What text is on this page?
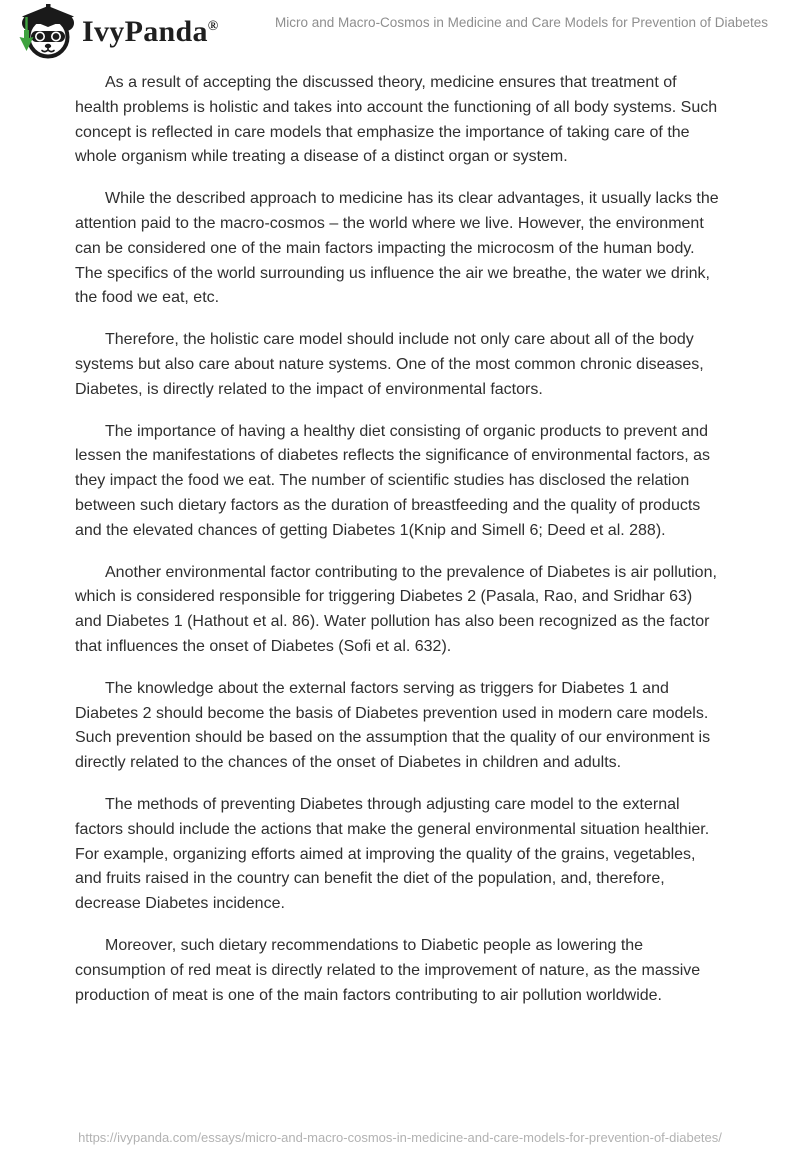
IvyPanda®	Micro and Macro-Cosmos in Medicine and Care Models for Prevention of Diabetes

As a result of accepting the discussed theory, medicine ensures that treatment of health problems is holistic and takes into account the functioning of all body systems. Such concept is reflected in care models that emphasize the importance of taking care of the whole organism while treating a disease of a distinct organ or system.

While the described approach to medicine has its clear advantages, it usually lacks the attention paid to the macro-cosmos – the world where we live. However, the environment can be considered one of the main factors impacting the microcosm of the human body. The specifics of the world surrounding us influence the air we breathe, the water we drink, the food we eat, etc.

Therefore, the holistic care model should include not only care about all of the body systems but also care about nature systems. One of the most common chronic diseases, Diabetes, is directly related to the impact of environmental factors.

The importance of having a healthy diet consisting of organic products to prevent and lessen the manifestations of diabetes reflects the significance of environmental factors, as they impact the food we eat. The number of scientific studies has disclosed the relation between such dietary factors as the duration of breastfeeding and the quality of products and the elevated chances of getting Diabetes 1(Knip and Simell 6; Deed et al. 288).

Another environmental factor contributing to the prevalence of Diabetes is air pollution, which is considered responsible for triggering Diabetes 2 (Pasala, Rao, and Sridhar 63) and Diabetes 1 (Hathout et al. 86). Water pollution has also been recognized as the factor that influences the onset of Diabetes (Sofi et al. 632).

The knowledge about the external factors serving as triggers for Diabetes 1 and Diabetes 2 should become the basis of Diabetes prevention used in modern care models. Such prevention should be based on the assumption that the quality of our environment is directly related to the chances of the onset of Diabetes in children and adults.

The methods of preventing Diabetes through adjusting care model to the external factors should include the actions that make the general environmental situation healthier. For example, organizing efforts aimed at improving the quality of the grains, vegetables, and fruits raised in the country can benefit the diet of the population, and, therefore, decrease Diabetes incidence.

Moreover, such dietary recommendations to Diabetic people as lowering the consumption of red meat is directly related to the improvement of nature, as the massive production of meat is one of the main factors contributing to air pollution worldwide.

https://ivypanda.com/essays/micro-and-macro-cosmos-in-medicine-and-care-models-for-prevention-of-diabetes/
